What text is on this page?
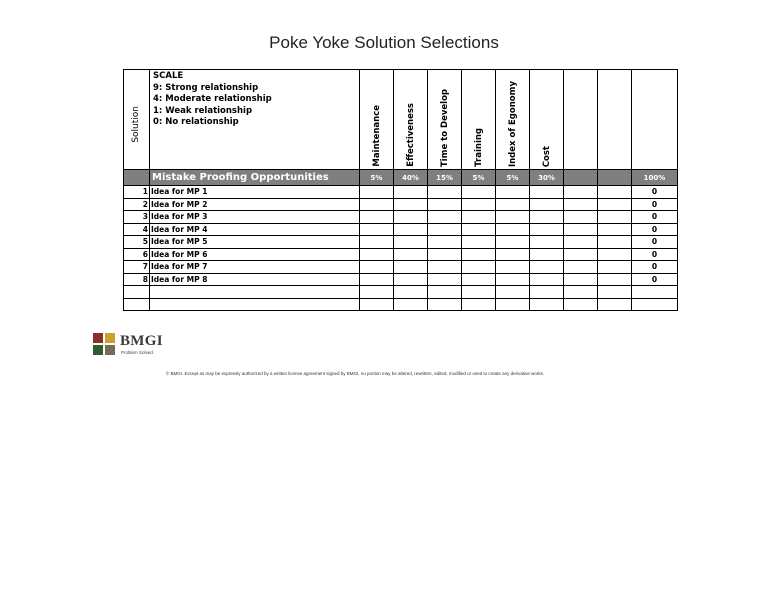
Poke Yoke Solution Selections
Solution	SCALE
9: Strong relationship
4: Moderate relationship
1: Weak relationship
0: No relationship	Maintenance	Effectiveness	Time to Develop	Training	Index of Egonomy	Cost			

	Mistake Proofing Opportunities	5%	40%	15%	5%	5%	30%			100%
1	Idea for MP 1									0
2	Idea for MP 2									0
3	Idea for MP 3									0
4	Idea for MP 4									0
5	Idea for MP 5									0
6	Idea for MP 6									0
7	Idea for MP 7									0
8	Idea for MP 8									0

BMGI
Problem Solved.
© BMGI. Except as may be expressly authorized by a written license agreement signed by BMGI, no portion may be altered, rewritten, edited, modified or used to create any derivative works.
